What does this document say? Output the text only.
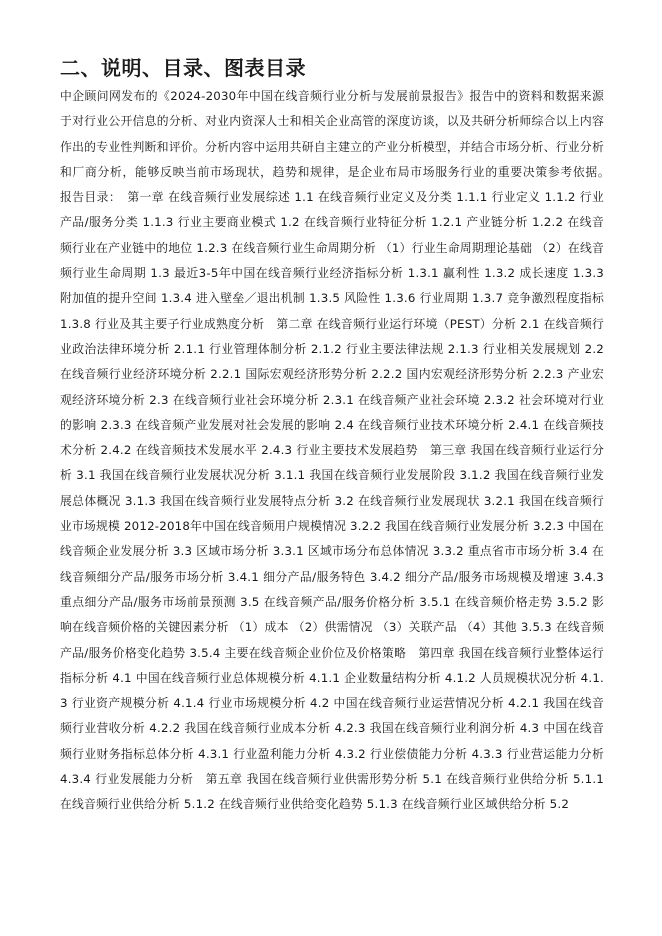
二、说明、目录、图表目录

中企顾问网发布的《2024-2030年中国在线音频行业分析与发展前景报告》报告中的资料和数据来源于对行业公开信息的分析、对业内资深人士和相关企业高管的深度访谈，以及共研分析师综合以上内容作出的专业性判断和评价。分析内容中运用共研自主建立的产业分析模型，并结合市场分析、行业分析和厂商分析，能够反映当前市场现状，趋势和规律，是企业布局市场服务行业的重要决策参考依据。　　报告目录：　第一章 在线音频行业发展综述 1.1 在线音频行业定义及分类 1.1.1 行业定义 1.1.2 行业产品/服务分类 1.1.3 行业主要商业模式 1.2 在线音频行业特征分析 1.2.1 产业链分析 1.2.2 在线音频行业在产业链中的地位 1.2.3 在线音频行业生命周期分析 （1）行业生命周期理论基础 （2）在线音频行业生命周期 1.3 最近3-5年中国在线音频行业经济指标分析 1.3.1 赢利性 1.3.2 成长速度 1.3.3 附加值的提升空间 1.3.4 进入壁垒／退出机制 1.3.5 风险性 1.3.6 行业周期 1.3.7 竞争激烈程度指标 1.3.8 行业及其主要子行业成熟度分析　第二章 在线音频行业运行环境（PEST）分析 2.1 在线音频行业政治法律环境分析 2.1.1 行业管理体制分析 2.1.2 行业主要法律法规 2.1.3 行业相关发展规划 2.2 在线音频行业经济环境分析 2.2.1 国际宏观经济形势分析 2.2.2 国内宏观经济形势分析 2.2.3 产业宏观经济环境分析 2.3 在线音频行业社会环境分析 2.3.1 在线音频产业社会环境 2.3.2 社会环境对行业的影响 2.3.3 在线音频产业发展对社会发展的影响 2.4 在线音频行业技术环境分析 2.4.1 在线音频技术分析 2.4.2 在线音频技术发展水平 2.4.3 行业主要技术发展趋势　第三章 我国在线音频行业运行分析 3.1 我国在线音频行业发展状况分析 3.1.1 我国在线音频行业发展阶段 3.1.2 我国在线音频行业发展总体概况 3.1.3 我国在线音频行业发展特点分析 3.2 在线音频行业发展现状 3.2.1 我国在线音频行业市场规模 2012-2018年中国在线音频用户规模情况 3.2.2 我国在线音频行业发展分析 3.2.3 中国在线音频企业发展分析 3.3 区域市场分析 3.3.1 区域市场分布总体情况 3.3.2 重点省市市场分析 3.4 在线音频细分产品/服务市场分析 3.4.1 细分产品/服务特色 3.4.2 细分产品/服务市场规模及增速 3.4.3 重点细分产品/服务市场前景预测 3.5 在线音频产品/服务价格分析 3.5.1 在线音频价格走势 3.5.2 影响在线音频价格的关键因素分析 （1）成本 （2）供需情况 （3）关联产品 （4）其他 3.5.3 在线音频产品/服务价格变化趋势 3.5.4 主要在线音频企业价位及价格策略　第四章 我国在线音频行业整体运行指标分析 4.1 中国在线音频行业总体规模分析 4.1.1 企业数量结构分析 4.1.2 人员规模状况分析 4.1.3 行业资产规模分析 4.1.4 行业市场规模分析 4.2 中国在线音频行业运营情况分析 4.2.1 我国在线音频行业营收分析 4.2.2 我国在线音频行业成本分析 4.2.3 我国在线音频行业利润分析 4.3 中国在线音频行业财务指标总体分析 4.3.1 行业盈利能力分析 4.3.2 行业偿债能力分析 4.3.3 行业营运能力分析 4.3.4 行业发展能力分析　第五章 我国在线音频行业供需形势分析 5.1 在线音频行业供给分析 5.1.1 在线音频行业供给分析 5.1.2 在线音频行业供给变化趋势 5.1.3 在线音频行业区域供给分析 5.2
